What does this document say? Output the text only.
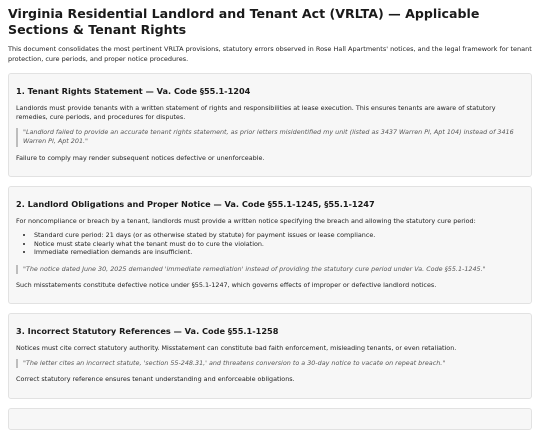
Virginia Residential Landlord and Tenant Act (VRLTA) — Applicable Sections & Tenant Rights

This document consolidates the most pertinent VRLTA provisions, statutory errors observed in Rose Hall Apartments' notices, and the legal framework for tenant protection, cure periods, and proper notice procedures.

1. Tenant Rights Statement — Va. Code §55.1-1204

Landlords must provide tenants with a written statement of rights and responsibilities at lease execution. This ensures tenants are aware of statutory remedies, cure periods, and procedures for disputes.

"Landlord failed to provide an accurate tenant rights statement, as prior letters misidentified my unit (listed as 3437 Warren Pl, Apt 104) instead of 3416 Warren Pl, Apt 201."

Failure to comply may render subsequent notices defective or unenforceable.

2. Landlord Obligations and Proper Notice — Va. Code §55.1-1245, §55.1-1247

For noncompliance or breach by a tenant, landlords must provide a written notice specifying the breach and allowing the statutory cure period:

• Standard cure period: 21 days (or as otherwise stated by statute) for payment issues or lease compliance.
• Notice must state clearly what the tenant must do to cure the violation.
• Immediate remediation demands are insufficient.
"The notice dated June 30, 2025 demanded 'immediate remediation' instead of providing the statutory cure period under Va. Code §55.1-1245."

Such misstatements constitute defective notice under §55.1-1247, which governs effects of improper or defective landlord notices.

3. Incorrect Statutory References — Va. Code §55.1-1258

Notices must cite correct statutory authority. Misstatement can constitute bad faith enforcement, misleading tenants, or even retaliation.

"The letter cites an incorrect statute, 'section 55-248.31,' and threatens conversion to a 30-day notice to vacate on repeat breach."

Correct statutory reference ensures tenant understanding and enforceable obligations.
